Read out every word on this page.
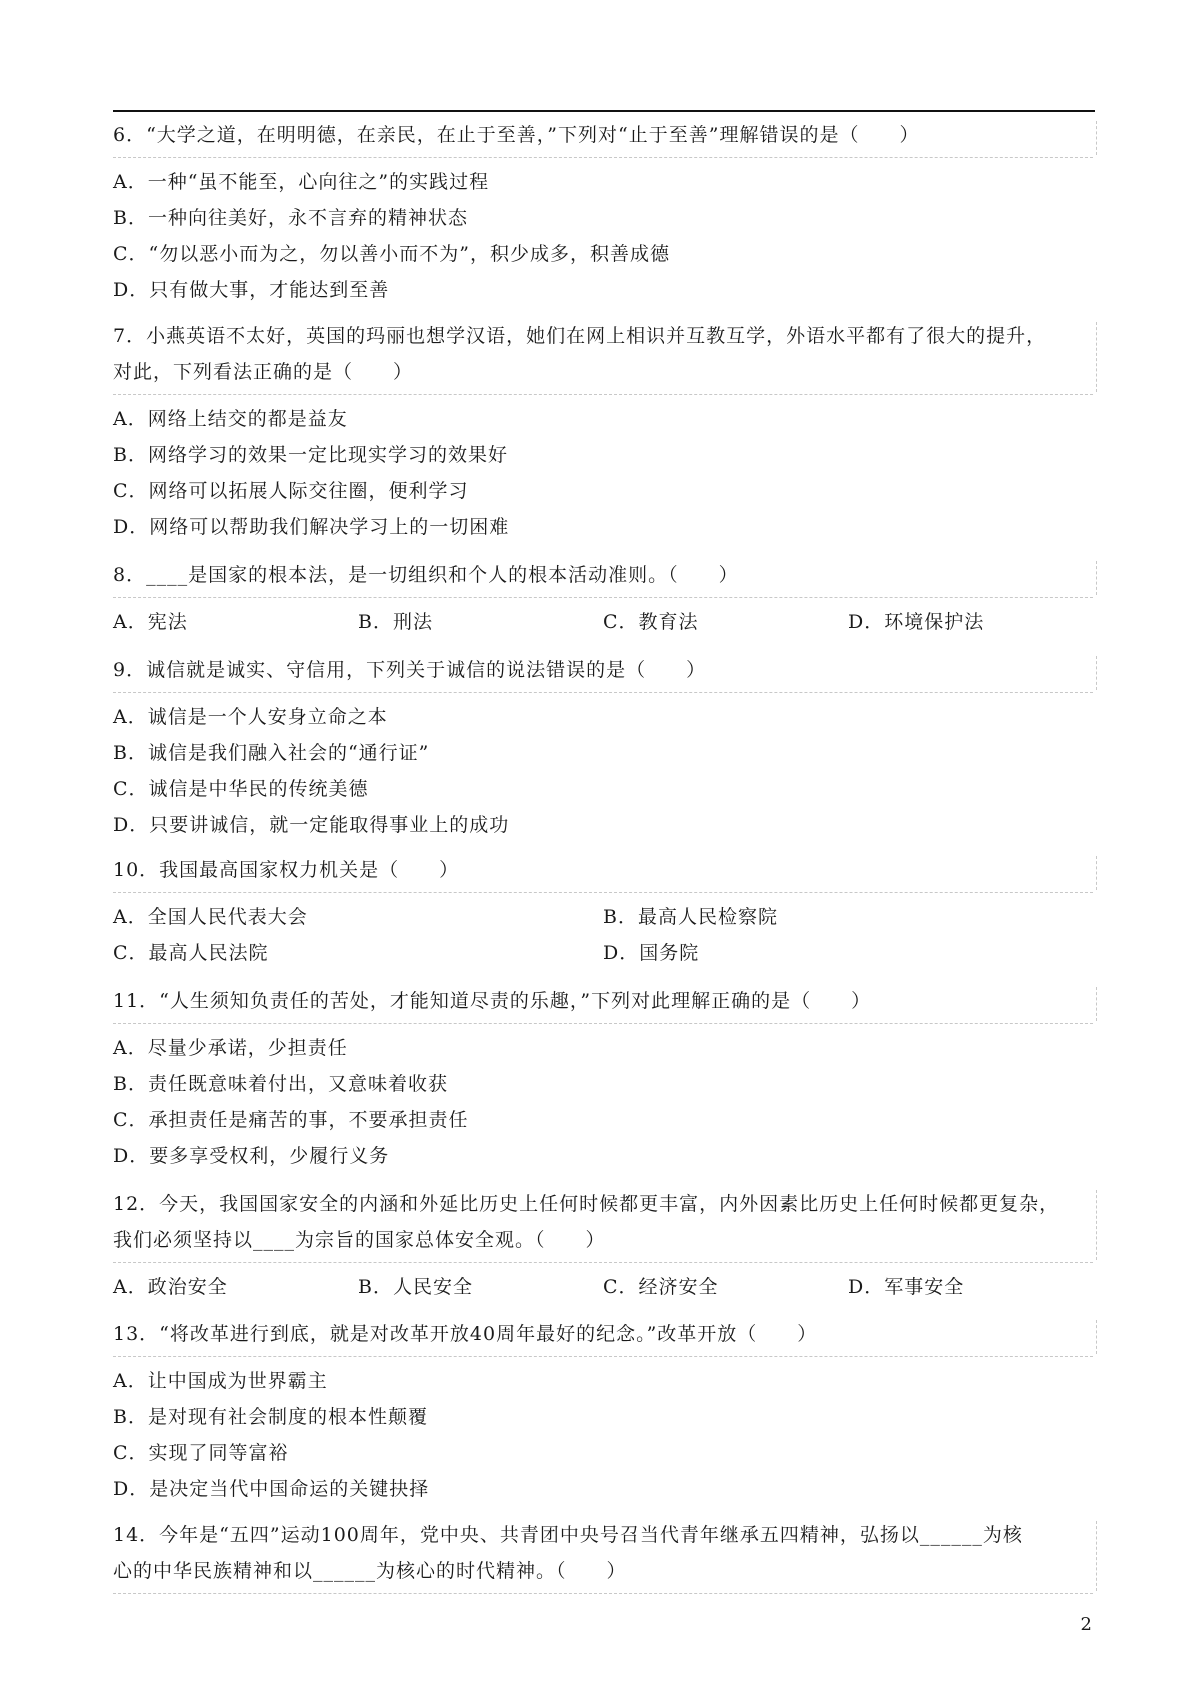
6．“大学之道，在明明德，在亲民，在止于至善，”下列对“止于至善”理解错误的是（　　）
A．一种“虽不能至，心向往之”的实践过程
B．一种向往美好，永不言弃的精神状态
C．“勿以恶小而为之，勿以善小而不为”，积少成多，积善成德
D．只有做大事，才能达到至善
7．小燕英语不太好，英国的玛丽也想学汉语，她们在网上相识并互教互学，外语水平都有了很大的提升，
对此，下列看法正确的是（　　）
A．网络上结交的都是益友
B．网络学习的效果一定比现实学习的效果好
C．网络可以拓展人际交往圈，便利学习
D．网络可以帮助我们解决学习上的一切困难
8．____是国家的根本法，是一切组织和个人的根本活动准则。（　　）
A．宪法	B．刑法	C．教育法	D．环境保护法
9．诚信就是诚实、守信用，下列关于诚信的说法错误的是（　　）
A．诚信是一个人安身立命之本
B．诚信是我们融入社会的“通行证”
C．诚信是中华民的传统美德
D．只要讲诚信，就一定能取得事业上的成功
10．我国最高国家权力机关是（　　）
A．全国人民代表大会	B．最高人民检察院
C．最高人民法院	D．国务院
11．“人生须知负责任的苦处，才能知道尽责的乐趣，”下列对此理解正确的是（　　）
A．尽量少承诺，少担责任
B．责任既意味着付出，又意味着收获
C．承担责任是痛苦的事，不要承担责任
D．要多享受权利，少履行义务
12．今天，我国国家安全的内涵和外延比历史上任何时候都更丰富，内外因素比历史上任何时候都更复杂，
我们必须坚持以____为宗旨的国家总体安全观。（　　）
A．政治安全	B．人民安全	C．经济安全	D．军事安全
13．“将改革进行到底，就是对改革开放40周年最好的纪念。”改革开放（　　）
A．让中国成为世界霸主
B．是对现有社会制度的根本性颠覆
C．实现了同等富裕
D．是决定当代中国命运的关键抉择
14．今年是“五四”运动100周年，党中央、共青团中央号召当代青年继承五四精神，弘扬以______为核
心的中华民族精神和以______为核心的时代精神。（　　）
2
